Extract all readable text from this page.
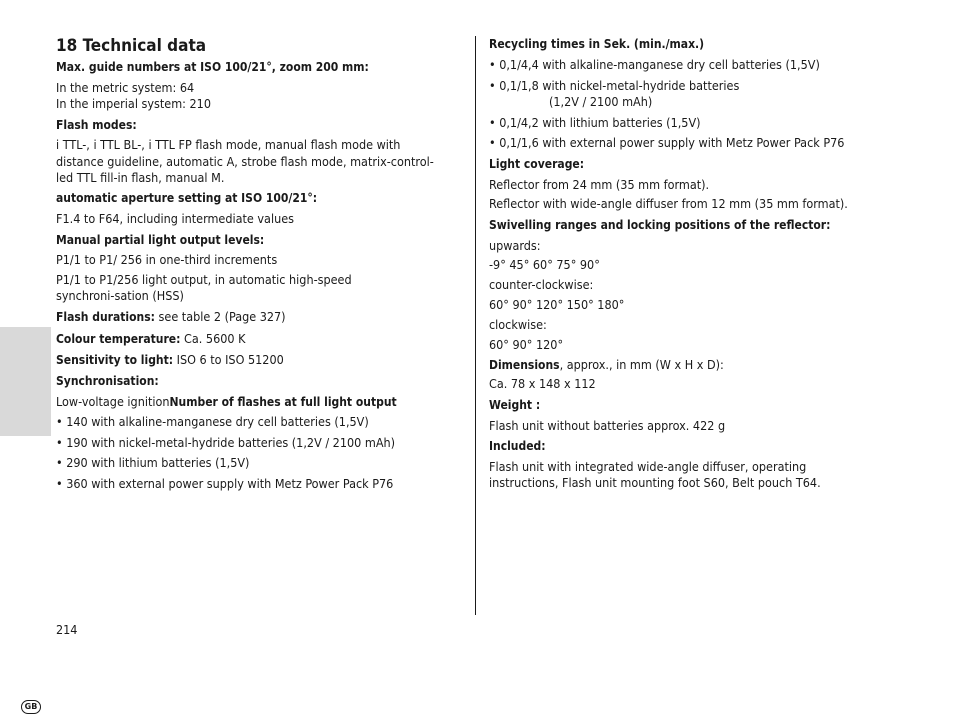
GB
18 Technical data
Max. guide numbers at ISO 100/21°, zoom 200 mm:
In the metric system: 64
In the imperial system: 210
Flash modes:
i TTL-, i TTL BL-, i TTL FP flash mode, manual flash mode with
distance guideline, automatic A, strobe flash mode, matrix-control-
led TTL fill-in flash, manual M.
automatic aperture setting at ISO 100/21°:
F1.4 to F64, including intermediate values
Manual partial light output levels:
P1/1 to P1/ 256 in one-third increments
P1/1 to P1/256 light output, in automatic high-speed
synchroni-sation (HSS)
Flash durations: see table 2 (Page 327)
Colour temperature: Ca. 5600 K
Sensitivity to light: ISO 6 to ISO 51200
Synchronisation:
Low-voltage ignitionNumber of flashes at full light output
• 140 with alkaline-manganese dry cell batteries (1,5V)
• 190 with nickel-metal-hydride batteries (1,2V / 2100 mAh)
• 290 with lithium batteries (1,5V)
• 360 with external power supply with Metz Power Pack P76
Recycling times in Sek. (min./max.)
• 0,1/4,4 with alkaline-manganese dry cell batteries (1,5V)
• 0,1/1,8 with nickel-metal-hydride batteries
(1,2V / 2100 mAh)
• 0,1/4,2 with lithium batteries (1,5V)
• 0,1/1,6 with external power supply with Metz Power Pack P76
Light coverage:
Reflector from 24 mm (35 mm format).
Reflector with wide-angle diffuser from 12 mm (35 mm format).
Swivelling ranges and locking positions of the reflector:
upwards:
-9° 45° 60° 75° 90°
counter-clockwise:
60° 90° 120° 150° 180°
clockwise:
60° 90° 120°
Dimensions, approx., in mm (W x H x D):
Ca. 78 x 148 x 112
Weight :
Flash unit without batteries approx. 422 g
Included:
Flash unit with integrated wide-angle diffuser, operating
instructions, Flash unit mounting foot S60, Belt pouch T64.
214
